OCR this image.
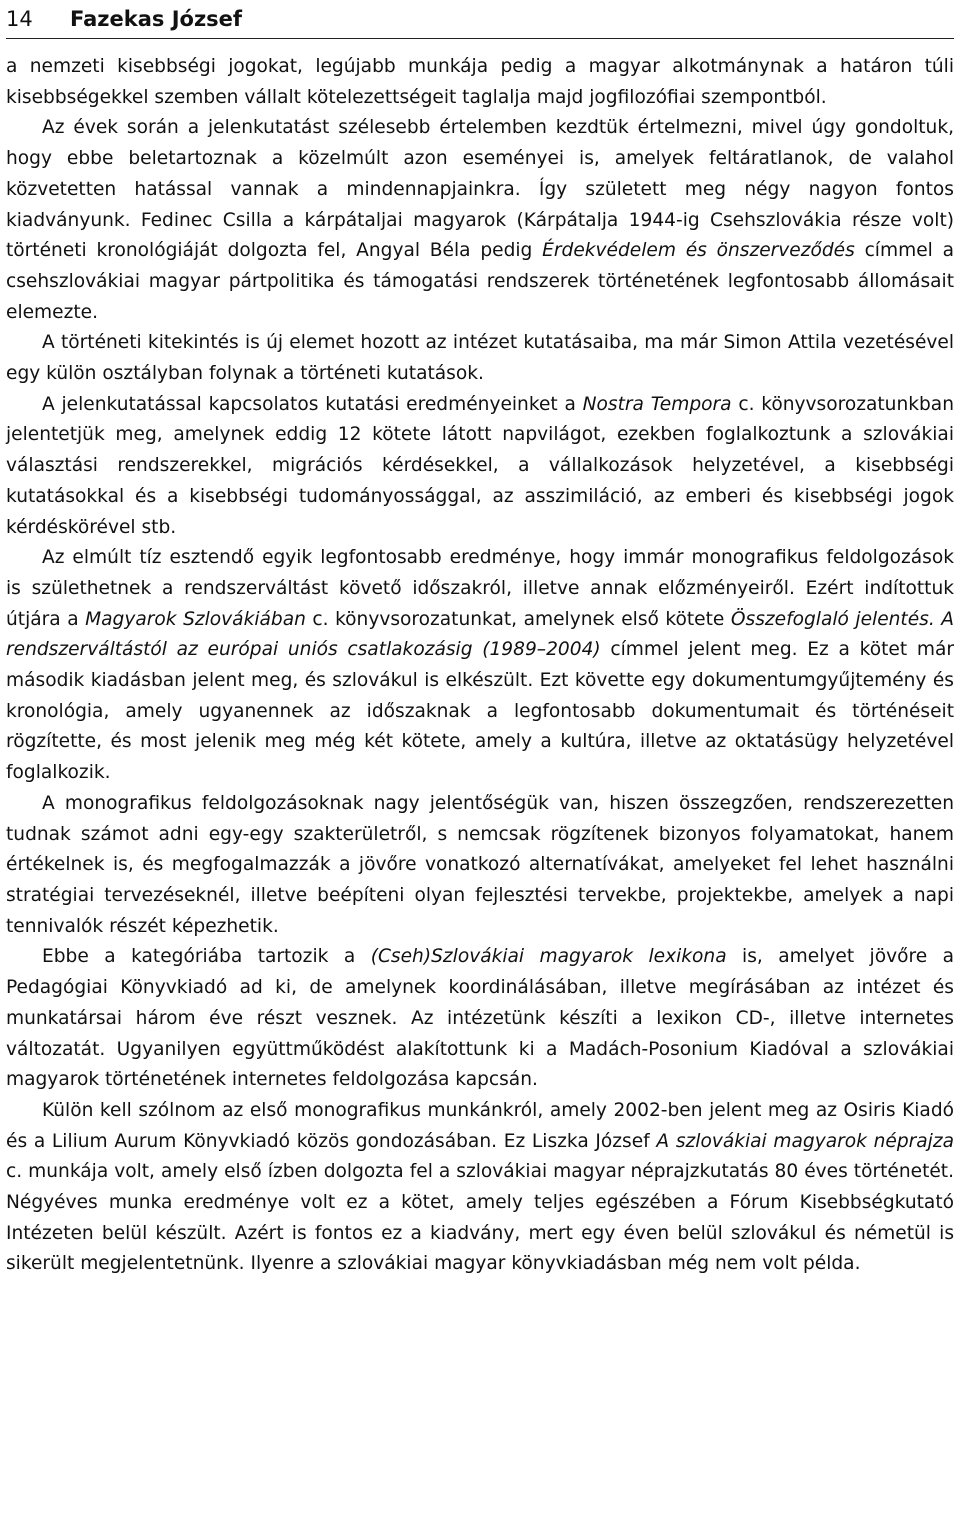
14	Fazekas József

a nemzeti kisebbségi jogokat, legújabb munkája pedig a magyar alkotmánynak a határon túli kisebbségekkel szemben vállalt kötelezettségeit taglalja majd jogfilozófiai szempontból.

Az évek során a jelenkutatást szélesebb értelemben kezdtük értelmezni, mivel úgy gondoltuk, hogy ebbe beletartoznak a közelmúlt azon eseményei is, amelyek feltáratlanok, de valahol közvetetten hatással vannak a mindennapjainkra. Így született meg négy nagyon fontos kiadványunk. Fedinec Csilla a kárpátaljai magyarok (Kárpátalja 1944-ig Csehszlovákia része volt) történeti kronológiáját dolgozta fel, Angyal Béla pedig Érdekvédelem és önszerveződés címmel a csehszlovákiai magyar pártpolitika és támogatási rendszerek történetének legfontosabb állomásait elemezte.

A történeti kitekintés is új elemet hozott az intézet kutatásaiba, ma már Simon Attila vezetésével egy külön osztályban folynak a történeti kutatások.

A jelenkutatással kapcsolatos kutatási eredményeinket a Nostra Tempora c. könyvsorozatunkban jelentetjük meg, amelynek eddig 12 kötete látott napvilágot, ezekben foglalkoztunk a szlovákiai választási rendszerekkel, migrációs kérdésekkel, a vállalkozások helyzetével, a kisebbségi kutatásokkal és a kisebbségi tudományossággal, az asszimiláció, az emberi és kisebbségi jogok kérdéskörével stb.

Az elmúlt tíz esztendő egyik legfontosabb eredménye, hogy immár monografikus feldolgozások is születhetnek a rendszerváltást követő időszakról, illetve annak előzményeiről. Ezért indítottuk útjára a Magyarok Szlovákiában c. könyvsorozatunkat, amelynek első kötete Összefoglaló jelentés. A rendszerváltástól az európai uniós csatlakozásig (1989–2004) címmel jelent meg. Ez a kötet már második kiadásban jelent meg, és szlovákul is elkészült. Ezt követte egy dokumentumgyűjtemény és kronológia, amely ugyanennek az időszaknak a legfontosabb dokumentumait és történéseit rögzítette, és most jelenik meg még két kötete, amely a kultúra, illetve az oktatásügy helyzetével foglalkozik.

A monografikus feldolgozásoknak nagy jelentőségük van, hiszen összegzően, rendszerezetten tudnak számot adni egy-egy szakterületről, s nemcsak rögzítenek bizonyos folyamatokat, hanem értékelnek is, és megfogalmazzák a jövőre vonatkozó alternatívákat, amelyeket fel lehet használni stratégiai tervezéseknél, illetve beépíteni olyan fejlesztési tervekbe, projektekbe, amelyek a napi tennivalók részét képezhetik.

Ebbe a kategóriába tartozik a (Cseh)Szlovákiai magyarok lexikona is, amelyet jövőre a Pedagógiai Könyvkiadó ad ki, de amelynek koordinálásában, illetve megírásában az intézet és munkatársai három éve részt vesznek. Az intézetünk készíti a lexikon CD-, illetve internetes változatát. Ugyanilyen együttműködést alakítottunk ki a Madách-Posonium Kiadóval a szlovákiai magyarok történetének internetes feldolgozása kapcsán.

Külön kell szólnom az első monografikus munkánkról, amely 2002-ben jelent meg az Osiris Kiadó és a Lilium Aurum Könyvkiadó közös gondozásában. Ez Liszka József A szlovákiai magyarok néprajza c. munkája volt, amely első ízben dolgozta fel a szlovákiai magyar néprajzkutatás 80 éves történetét. Négyéves munka eredménye volt ez a kötet, amely teljes egészében a Fórum Kisebbségkutató Intézeten belül készült. Azért is fontos ez a kiadvány, mert egy éven belül szlovákul és németül is sikerült megjelentetnünk. Ilyenre a szlovákiai magyar könyvkiadásban még nem volt példa.
